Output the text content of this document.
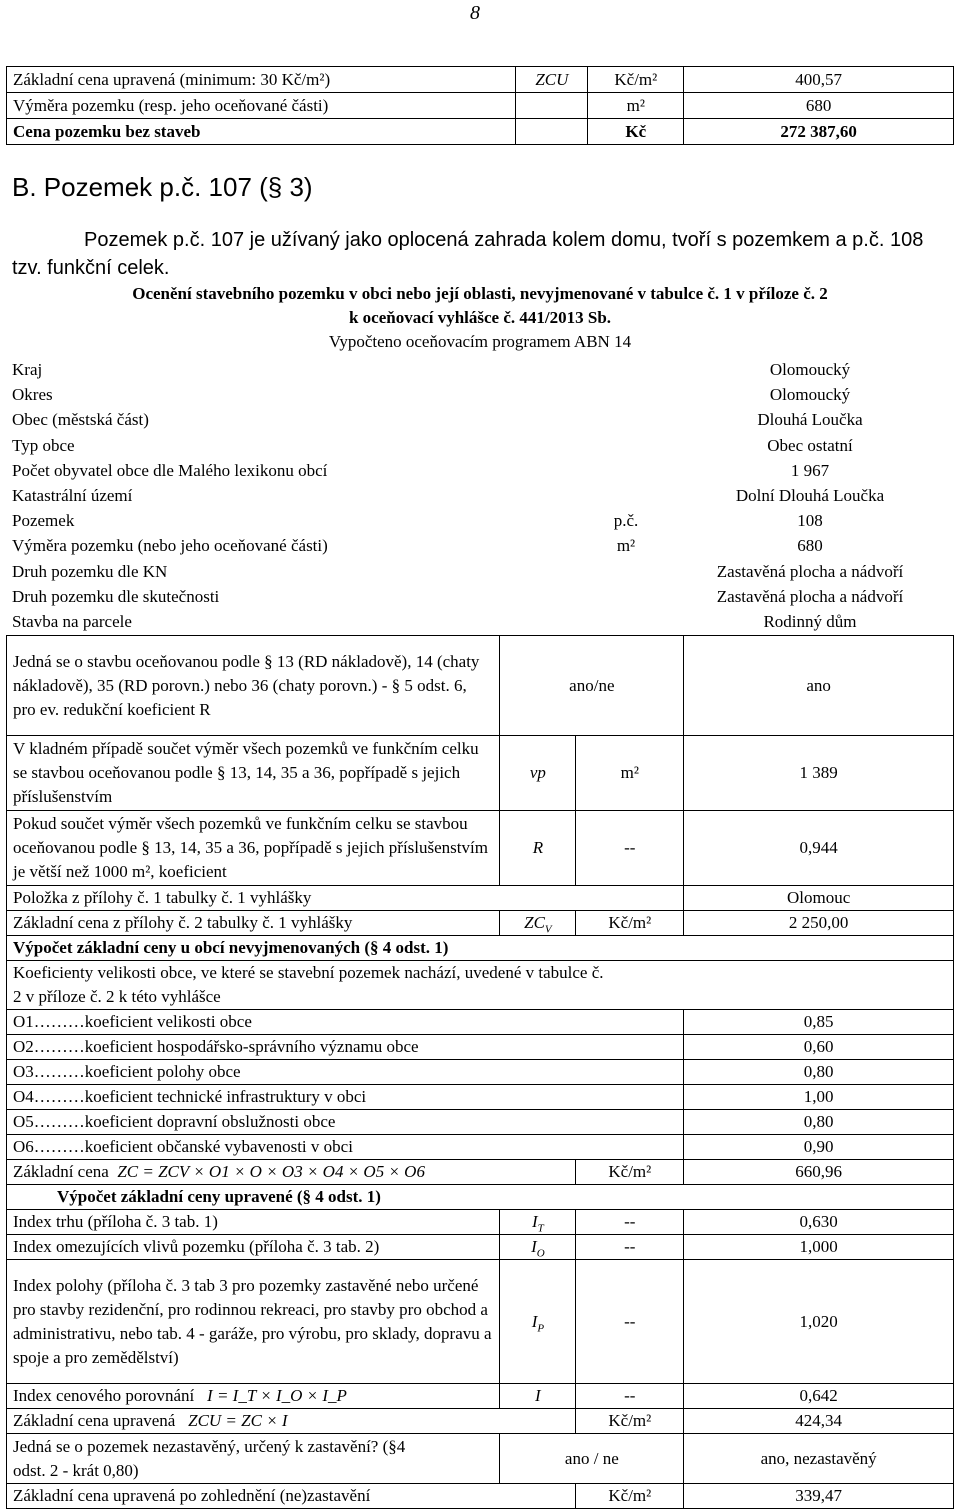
8
Základní cena upravená (minimum: 30 Kč/m²)	ZCU	Kč/m²	400,57
Výměra pozemku (resp. jeho oceňované části)		m²	680
Cena pozemku bez staveb		Kč	272 387,60
B. Pozemek p.č. 107 (§ 3)
Pozemek p.č. 107 je užívaný jako oplocená zahrada kolem domu, tvoří s pozemkem a p.č. 108 tzv. funkční celek.
Ocenění stavebního pozemku v obci nebo její oblasti, nevyjmenované v tabulce č. 1 v příloze č. 2
k oceňovací vyhlášce č. 441/2013 Sb.
Vypočteno oceňovacím programem ABN 14
Kraj		Olomoucký
Okres		Olomoucký
Obec (městská část)		Dlouhá Loučka
Typ obce		Obec ostatní
Počet obyvatel obce dle Malého lexikonu obcí		1 967
Katastrální území		Dolní Dlouhá Loučka
Pozemek	p.č.	108
Výměra pozemku (nebo jeho oceňované části)	m²	680
Druh pozemku dle KN		Zastavěná plocha a nádvoří
Druh pozemku dle skutečnosti		Zastavěná plocha a nádvoří
Stavba na parcele		Rodinný dům
Jedná se o stavbu oceňovanou podle § 13 (RD nákladově), 14 (chaty nákladově), 35 (RD porovn.) nebo 36 (chaty porovn.) - § 5 odst. 6, pro ev. redukční koeficient R	ano/ne		ano
V kladném případě součet výměr všech pozemků ve funkčním celku se stavbou oceňovanou podle § 13, 14, 35 a 36, popřípadě s jejich příslušenstvím	vp	m²	1 389
Pokud součet výměr všech pozemků ve funkčním celku se stavbou oceňovanou podle § 13, 14, 35 a 36, popřípadě s jejich příslušenstvím je větší než 1000 m², koeficient	R	--	0,944
Položka z přílohy č. 1 tabulky č. 1 vyhlášky			Olomouc
Základní cena z přílohy č. 2 tabulky č. 1 vyhlášky	$ZC_V$	Kč/m²	2 250,00
Výpočet základní ceny u obcí nevyjmenovaných (§ 4 odst. 1)			
Koeficienty velikosti obce, ve které se stavební pozemek nachází, uvedené v tabulce č. 2 v příloze č. 2 k této vyhlášce			
O1………koeficient velikosti obce			0,85
O2………koeficient hospodářsko-správního významu obce			0,60
O3………koeficient polohy obce			0,80
O4………koeficient technické infrastruktury v obci			1,00
O5………koeficient dopravní obslužnosti obce			0,80
O6………koeficient občanské vybavenosti v obci			0,90
Základní cena ZC = ZCV × O1 × O × O3 × O4 × O5 × O6		Kč/m²	660,96
Výpočet základní ceny upravené (§ 4 odst. 1)			
Index trhu (příloha č. 3 tab. 1)	$I_T$	--	0,630
Index omezujících vlivů pozemku (příloha č. 3 tab. 2)	$I_O$	--	1,000
Index polohy (příloha č. 3 tab 3 pro pozemky zastavěné nebo určené pro stavby rezidenční, pro rodinnou rekreaci, pro stavby pro obchod a administrativu, nebo tab. 4 - garáže, pro výrobu, pro sklady, dopravu a spoje a pro zemědělství)	$I_P$	--	1,020
Index cenového porovnání I = I_T × I_O × I_P	I	--	0,642
Základní cena upravená ZCU = ZC × I		Kč/m²	424,34
Jedná se o pozemek nezastavěný, určený k zastavění? (§4 odst. 2 - krát 0,80)	ano / ne		ano, nezastavěný
Základní cena upravená po zohlednění (ne)zastavění		Kč/m²	339,47
